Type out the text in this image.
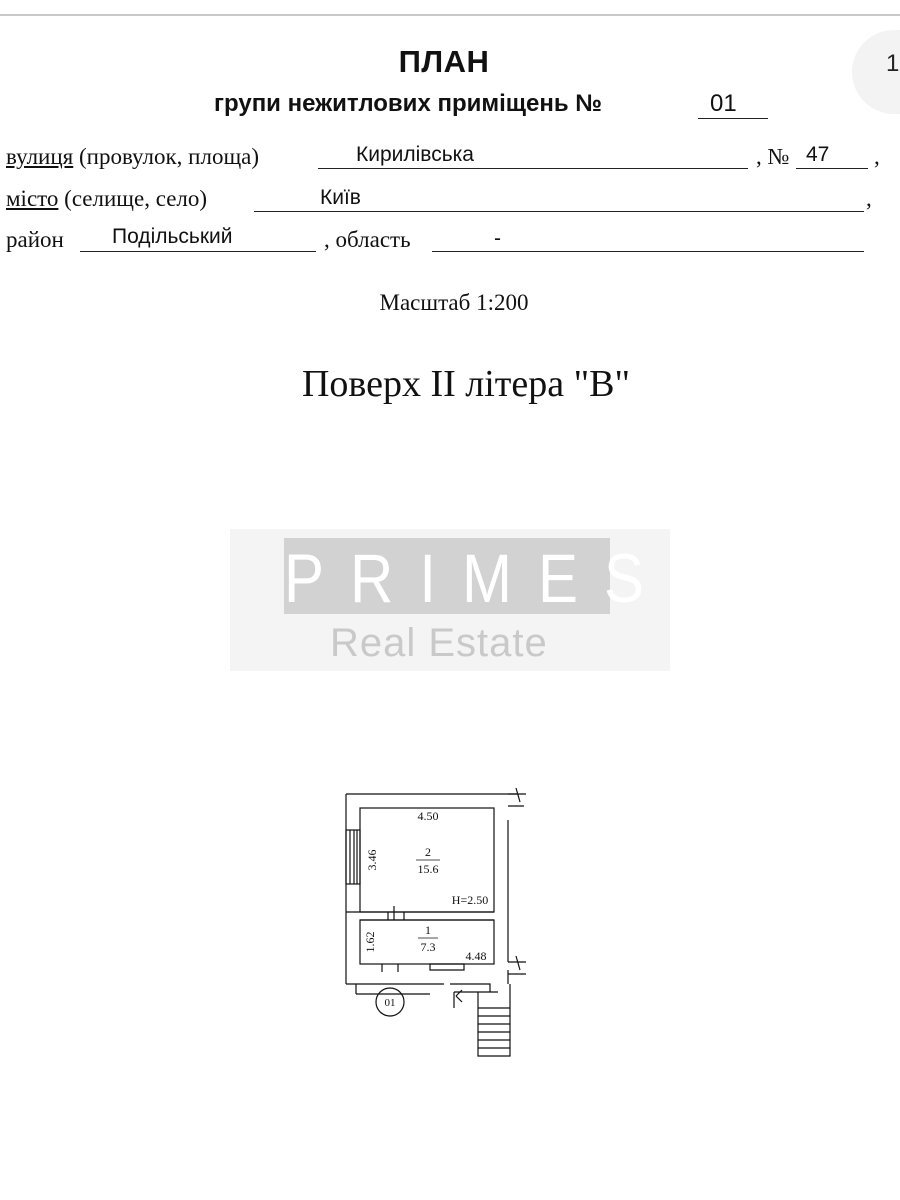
1
ПЛАН
групи нежитлових приміщень №	01
вулиця (провулок, площа)	Кирилівська	, № 47 ,
місто (селище, село)	Київ	,
район Подільський	, область	-
Масштаб 1:200
Поверх II літера "В"
PRIMES
Real Estate
4.50
3.46	2
15.6
H=2.50
1.62
1
7.3
4.48
01
